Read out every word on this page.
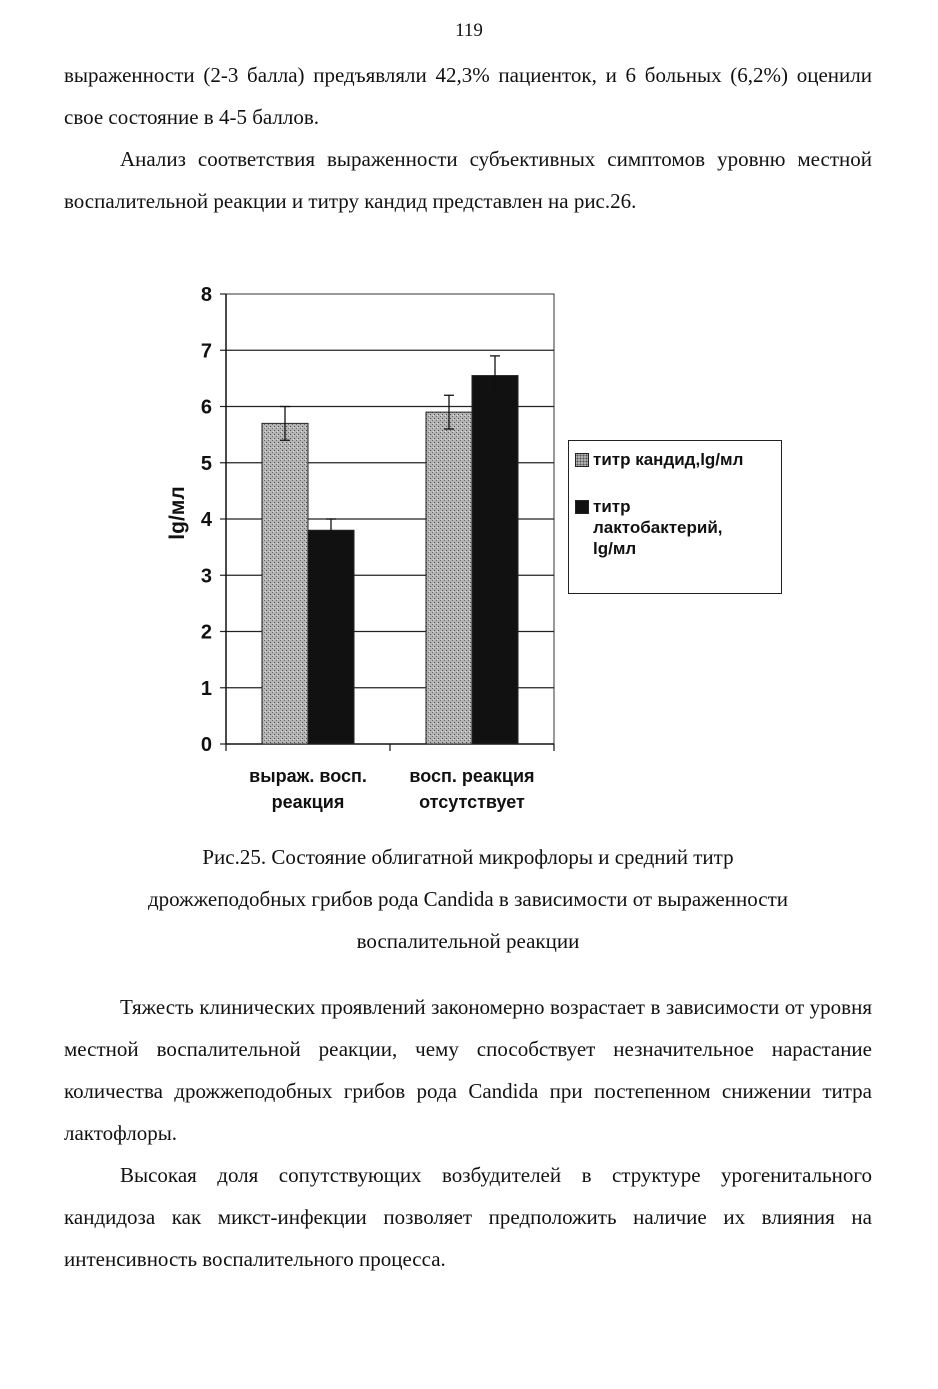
119

выраженности (2-3 балла) предъявляли 42,3% пациенток, и 6 больных (6,2%) оценили свое состояние в 4-5 баллов.

Анализ соответствия выраженности субъективных симптомов уровню местной воспалительной реакции и титру кандид представлен на рис.26.

0
1
2
3
4
5
6
7
8
lg/мл
выраж. восп.
реакция
восп. реакция
отсутствует
титр кандид,lg/мл
титр
лактобактерий,
lg/мл

Рис.25. Состояние облигатной микрофлоры и средний титр

дрожжеподобных грибов рода Candida в зависимости от выраженности

воспалительной реакции

Тяжесть клинических проявлений закономерно возрастает в зависимости от уровня местной воспалительной реакции, чему способствует незначительное нарастание количества дрожжеподобных грибов рода Candida при постепенном снижении титра лактофлоры.

Высокая доля сопутствующих возбудителей в структуре урогенитального кандидоза как микст-инфекции позволяет предположить наличие их влияния на интенсивность воспалительного процесса.
